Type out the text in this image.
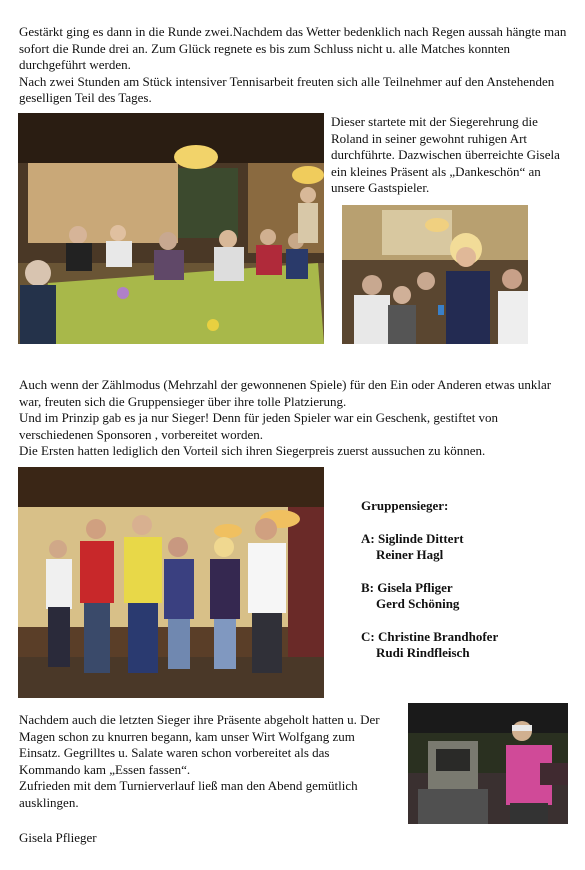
Gestärkt ging es dann in die Runde zwei.Nachdem das Wetter bedenklich nach Regen aussah hängte man sofort die Runde drei an. Zum Glück regnete es bis zum Schluss nicht u. alle Matches konnten durchgeführt werden.

Nach zwei Stunden am Stück intensiver Tennisarbeit freuten sich alle Teilnehmer auf den Anstehenden geselligen Teil des Tages.

Dieser startete mit der Siegerehrung die Roland in seiner gewohnt ruhigen Art durchführte. Dazwischen überreichte Gisela ein kleines Präsent als „Dankeschön“ an unsere Gastspieler.

Auch wenn der Zählmodus (Mehrzahl der gewonnenen Spiele) für den Ein oder Anderen etwas unklar war, freuten sich die Gruppensieger über ihre tolle Platzierung.

Und im Prinzip gab es ja nur Sieger! Denn für jeden Spieler war ein Geschenk, gestiftet von verschiedenen Sponsoren , vorbereitet worden.

Die Ersten hatten lediglich den Vorteil sich ihren Siegerpreis zuerst aussuchen zu können.

Gruppensieger:
A: Siglinde Dittert
Reiner Hagl
B: Gisela Pfliger
Gerd Schöning
C: Christine Brandhofer
Rudi Rindfleisch

Nachdem auch die letzten Sieger ihre Präsente abgeholt hatten u. Der Magen schon zu knurren begann, kam unser Wirt Wolfgang zum Einsatz. Gegrilltes u. Salate waren schon vorbereitet als das Kommando kam „Essen fassen“.

Zufrieden mit dem Turnierverlauf ließ man den Abend gemütlich ausklingen.

Gisela Pflieger
